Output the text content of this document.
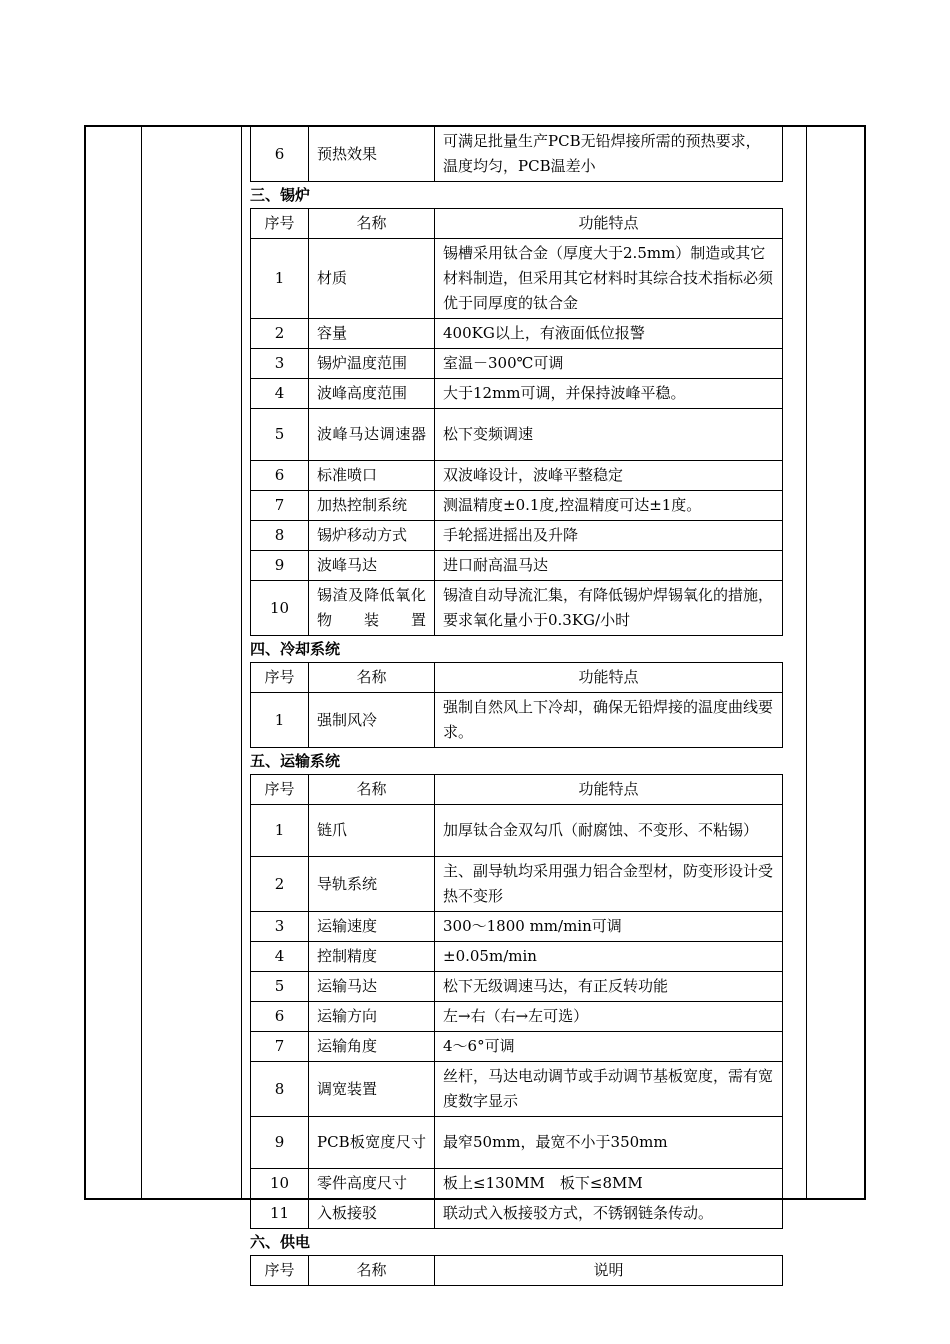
6	预热效果	可满足批量生产PCB无铅焊接所需的预热要求，温度均匀，PCB温差小
三、锡炉
序号	名称	功能特点
1	材质	锡槽采用钛合金（厚度大于2.5mm）制造或其它材料制造，但采用其它材料时其综合技术指标必须优于同厚度的钛合金
2	容量	400KG以上，有液面低位报警
3	锡炉温度范围	室温－300℃可调
4	波峰高度范围	大于12mm可调，并保持波峰平稳。
5	波峰马达调速器	松下变频调速
6	标准喷口	双波峰设计，波峰平整稳定
7	加热控制系统	测温精度±0.1度,控温精度可达±1度。
8	锡炉移动方式	手轮摇进摇出及升降
9	波峰马达	进口耐高温马达
10	锡渣及降低氧化物装置	锡渣自动导流汇集，有降低锡炉焊锡氧化的措施，要求氧化量小于0.3KG/小时
四、冷却系统
序号	名称	功能特点
1	强制风冷	强制自然风上下冷却，确保无铅焊接的温度曲线要求。
五、运输系统
序号	名称	功能特点
1	链爪	加厚钛合金双勾爪（耐腐蚀、不变形、不粘锡）
2	导轨系统	主、副导轨均采用强力铝合金型材，防变形设计受热不变形
3	运输速度	300～1800 mm/min可调
4	控制精度	±0.05m/min
5	运输马达	松下无级调速马达，有正反转功能
6	运输方向	左→右（右→左可选）
7	运输角度	4～6°可调
8	调宽装置	丝杆，马达电动调节或手动调节基板宽度，需有宽度数字显示
9	PCB板宽度尺寸	最窄50mm，最宽不小于350mm
10	零件高度尺寸	板上≤130MM　板下≤8MM
11	入板接驳	联动式入板接驳方式，不锈钢链条传动。
六、供电
序号	名称	说明
